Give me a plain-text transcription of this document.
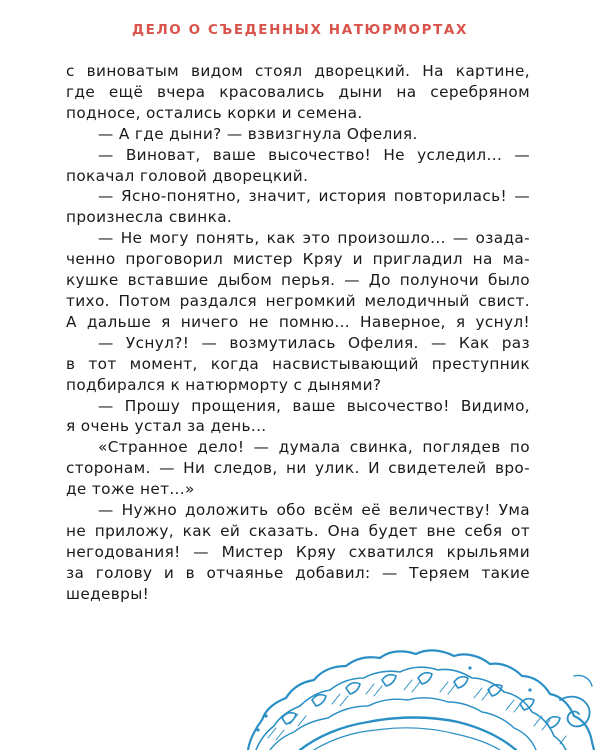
ДЕЛО О СЪЕДЕННЫХ НАТЮРМОРТАХ

с виноватым видом стоял дворецкий. На картине,

где ещё вчера красовались дыни на серебряном

подносе, остались корки и семена.

— А где дыни? — взвизгнула Офелия.

— Виноват, ваше высочество! Не уследил... —

покачал головой дворецкий.

— Ясно-понятно, значит, история повторилась! —

произнесла свинка.

— Не могу понять, как это произошло... — озада-

ченно проговорил мистер Кряу и пригладил на ма-

кушке вставшие дыбом перья. — До полуночи было

тихо. Потом раздался негромкий мелодичный свист.

А дальше я ничего не помню... Наверное, я уснул!

— Уснул?! — возмутилась Офелия. — Как раз

в тот момент, когда насвистывающий преступник

подбирался к натюрморту с дынями?

— Прошу прощения, ваше высочество! Видимо,

я очень устал за день...

«Странное дело! — думала свинка, поглядев по

сторонам. — Ни следов, ни улик. И свидетелей вро-

де тоже нет...»

— Нужно доложить обо всём её величеству! Ума

не приложу, как ей сказать. Она будет вне себя от

негодования! — Мистер Кряу схватился крыльями

за голову и в отчаянье добавил: — Теряем такие

шедевры!
